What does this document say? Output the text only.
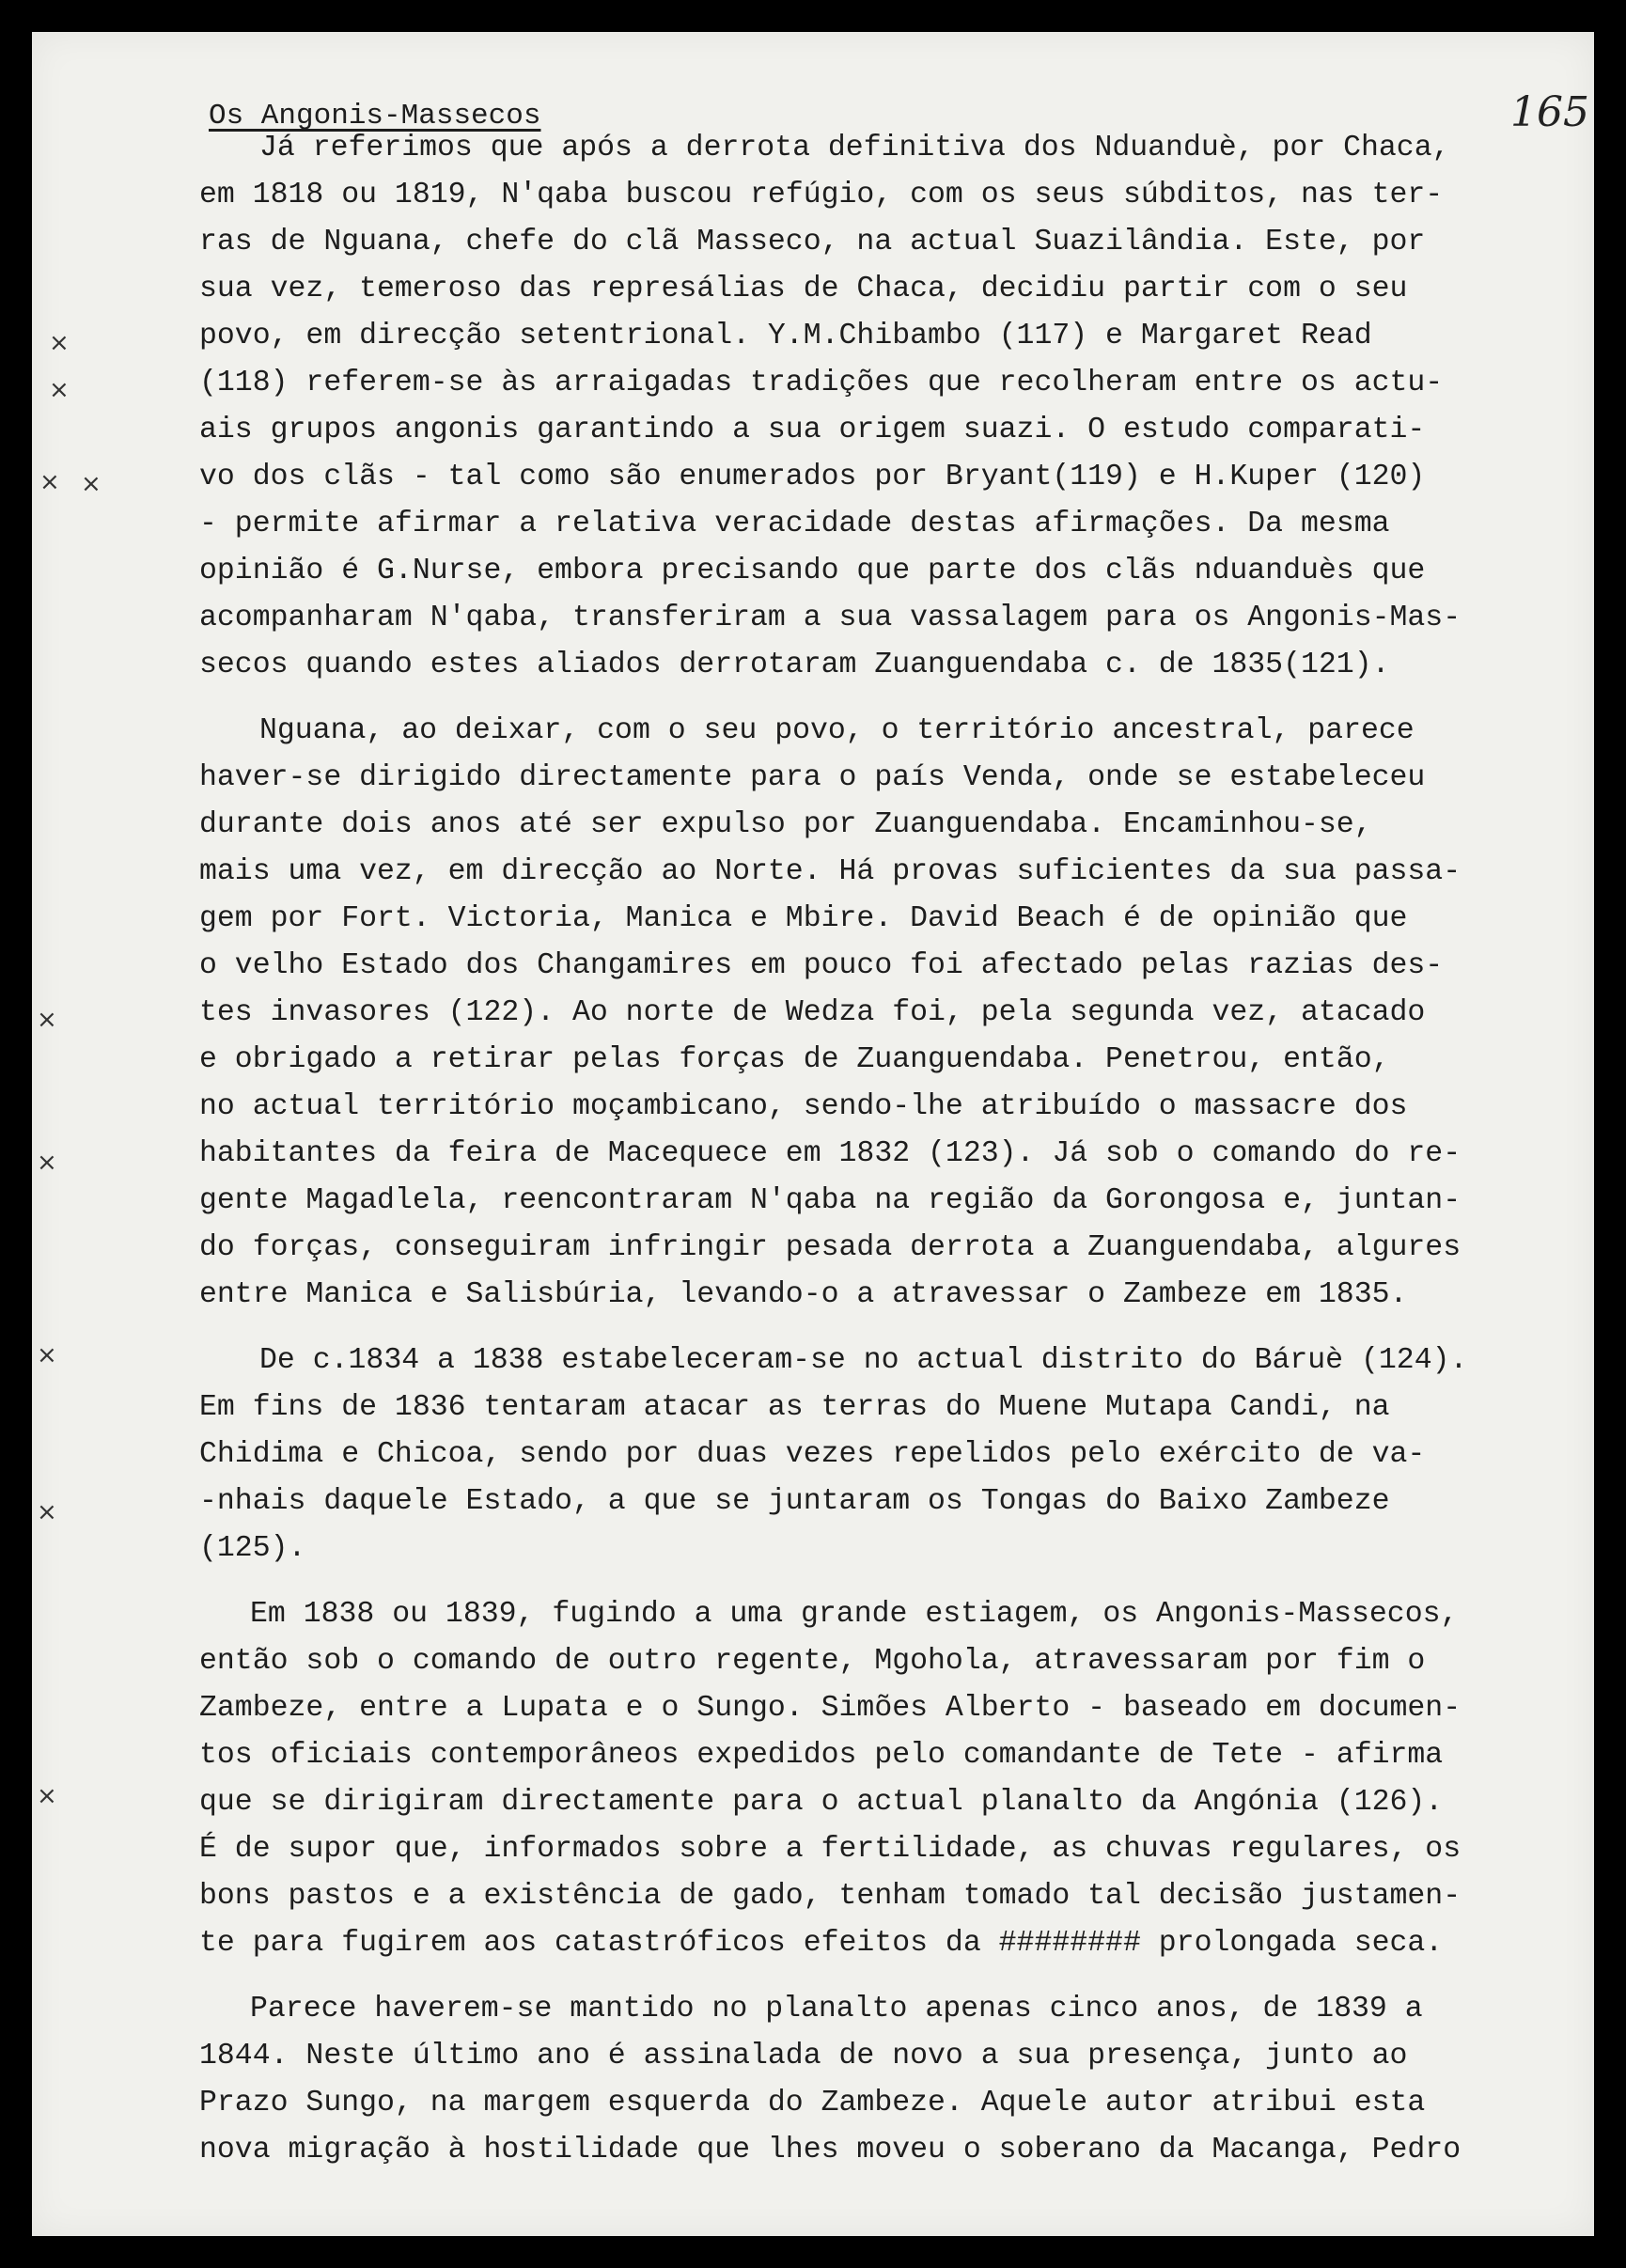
Os Angonis-Massecos	165
×
×
× ×
×
×
×
×
×
Já referimos que após a derrota definitiva dos Nduanduè, por Chaca,
em 1818 ou 1819, N'qaba buscou refúgio, com os seus súbditos, nas ter-
ras de Nguana, chefe do clã Masseco, na actual Suazilândia. Este, por
sua vez, temeroso das represálias de Chaca, decidiu partir com o seu
povo, em direcção setentrional. Y.M.Chibambo (117) e Margaret Read
(118) referem-se às arraigadas tradições que recolheram entre os actu-
ais grupos angonis garantindo a sua origem suazi. O estudo comparati-
vo dos clãs - tal como são enumerados por Bryant(119) e H.Kuper (120)
- permite afirmar a relativa veracidade destas afirmações. Da mesma
opinião é G.Nurse, embora precisando que parte dos clãs nduanduès que
acompanharam N'qaba, transferiram a sua vassalagem para os Angonis-Mas-
secos quando estes aliados derrotaram Zuanguendaba c. de 1835(121).
Nguana, ao deixar, com o seu povo, o território ancestral, parece
haver-se dirigido directamente para o país Venda, onde se estabeleceu
durante dois anos até ser expulso por Zuanguendaba. Encaminhou-se,
mais uma vez, em direcção ao Norte. Há provas suficientes da sua passa-
gem por Fort. Victoria, Manica e Mbire. David Beach é de opinião que
o velho Estado dos Changamires em pouco foi afectado pelas razias des-
tes invasores (122). Ao norte de Wedza foi, pela segunda vez, atacado
e obrigado a retirar pelas forças de Zuanguendaba. Penetrou, então,
no actual território moçambicano, sendo-lhe atribuído o massacre dos
habitantes da feira de Macequece em 1832 (123). Já sob o comando do re-
gente Magadlela, reencontraram N'qaba na região da Gorongosa e, juntan-
do forças, conseguiram infringir pesada derrota a Zuanguendaba, algures
entre Manica e Salisbúria, levando-o a atravessar o Zambeze em 1835.
De c.1834 a 1838 estabeleceram-se no actual distrito do Báruè (124).
Em fins de 1836 tentaram atacar as terras do Muene Mutapa Candi, na
Chidima e Chicoa, sendo por duas vezes repelidos pelo exército de va-
-nhais daquele Estado, a que se juntaram os Tongas do Baixo Zambeze
(125).
Em 1838 ou 1839, fugindo a uma grande estiagem, os Angonis-Massecos,
então sob o comando de outro regente, Mgohola, atravessaram por fim o
Zambeze, entre a Lupata e o Sungo. Simões Alberto - baseado em documen-
tos oficiais contemporâneos expedidos pelo comandante de Tete - afirma
que se dirigiram directamente para o actual planalto da Angónia (126).
É de supor que, informados sobre a fertilidade, as chuvas regulares, os
bons pastos e a existência de gado, tenham tomado tal decisão justamen-
te para fugirem aos catastróficos efeitos da ######## prolongada seca.
Parece haverem-se mantido no planalto apenas cinco anos, de 1839 a
1844. Neste último ano é assinalada de novo a sua presença, junto ao
Prazo Sungo, na margem esquerda do Zambeze. Aquele autor atribui esta
nova migração à hostilidade que lhes moveu o soberano da Macanga, Pedro
